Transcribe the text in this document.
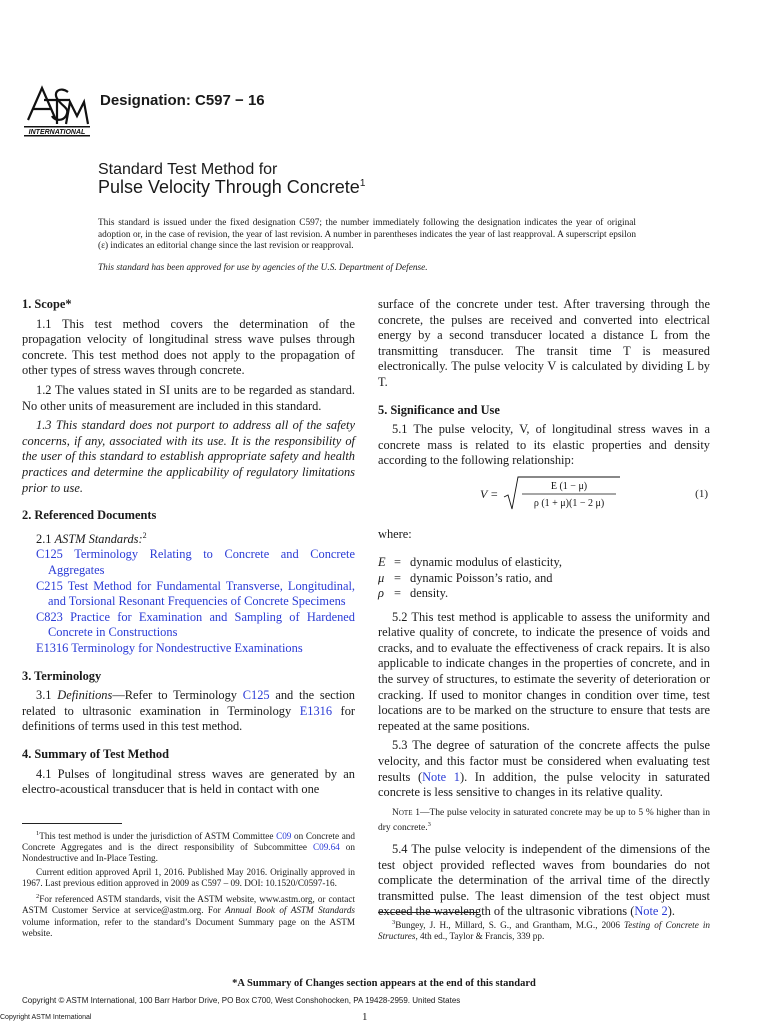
INTERNATIONAL
Designation: C597 − 16
Standard Test Method for
Pulse Velocity Through Concrete$^1$
This standard is issued under the fixed designation C597; the number immediately following the designation indicates the year of original adoption or, in the case of revision, the year of last revision. A number in parentheses indicates the year of last reapproval. A superscript epsilon (ε) indicates an editorial change since the last revision or reapproval.
This standard has been approved for use by agencies of the U.S. Department of Defense.

1. Scope*

1.1 This test method covers the determination of the propagation velocity of longitudinal stress wave pulses through concrete. This test method does not apply to the propagation of other types of stress waves through concrete.

1.2 The values stated in SI units are to be regarded as standard. No other units of measurement are included in this standard.

1.3 This standard does not purport to address all of the safety concerns, if any, associated with its use. It is the responsibility of the user of this standard to establish appropriate safety and health practices and determine the applicability of regulatory limitations prior to use.

2. Referenced Documents

2.1 ASTM Standards:$^2$

C125 Terminology Relating to Concrete and Concrete Aggregates

C215 Test Method for Fundamental Transverse, Longitudinal, and Torsional Resonant Frequencies of Concrete Specimens

C823 Practice for Examination and Sampling of Hardened Concrete in Constructions

E1316 Terminology for Nondestructive Examinations

3. Terminology

3.1 Definitions—Refer to Terminology C125 and the section related to ultrasonic examination in Terminology E1316 for definitions of terms used in this test method.

4. Summary of Test Method

4.1 Pulses of longitudinal stress waves are generated by an electro-acoustical transducer that is held in contact with one

$^1$This test method is under the jurisdiction of ASTM Committee C09 on Concrete and Concrete Aggregates and is the direct responsibility of Subcommittee C09.64 on Nondestructive and In-Place Testing.

Current edition approved April 1, 2016. Published May 2016. Originally approved in 1967. Last previous edition approved in 2009 as C597 – 09. DOI: 10.1520/C0597-16.

$^2$For referenced ASTM standards, visit the ASTM website, www.astm.org, or contact ASTM Customer Service at service@astm.org. For Annual Book of ASTM Standards volume information, refer to the standard’s Document Summary page on the ASTM website.

surface of the concrete under test. After traversing through the concrete, the pulses are received and converted into electrical energy by a second transducer located a distance L from the transmitting transducer. The transit time T is measured electronically. The pulse velocity V is calculated by dividing L by T.

5. Significance and Use

5.1 The pulse velocity, V, of longitudinal stress waves in a concrete mass is related to its elastic properties and density according to the following relationship:

V =
E (1 − μ)
ρ (1 + μ)(1 − 2 μ)
(1)

where:

E = dynamic modulus of elasticity,
μ = dynamic Poisson’s ratio, and
ρ = density.

5.2 This test method is applicable to assess the uniformity and relative quality of concrete, to indicate the presence of voids and cracks, and to evaluate the effectiveness of crack repairs. It is also applicable to indicate changes in the properties of concrete, and in the survey of structures, to estimate the severity of deterioration or cracking. If used to monitor changes in condition over time, test locations are to be marked on the structure to ensure that tests are repeated at the same positions.

5.3 The degree of saturation of the concrete affects the pulse velocity, and this factor must be considered when evaluating test results (Note 1). In addition, the pulse velocity in saturated concrete is less sensitive to changes in its relative quality.

Note 1—The pulse velocity in saturated concrete may be up to 5 % higher than in dry concrete.$^3$

5.4 The pulse velocity is independent of the dimensions of the test object provided reflected waves from boundaries do not complicate the determination of the arrival time of the directly transmitted pulse. The least dimension of the test object must exceed the wavelength of the ultrasonic vibrations (Note 2).

$^3$Bungey, J. H., Millard, S. G., and Grantham, M.G., 2006 Testing of Concrete in Structures, 4th ed., Taylor & Francis, 339 pp.

*A Summary of Changes section appears at the end of this standard
Copyright © ASTM International, 100 Barr Harbor Drive, PO Box C700, West Conshohocken, PA 19428-2959. United States
Copyright ASTM International	1
